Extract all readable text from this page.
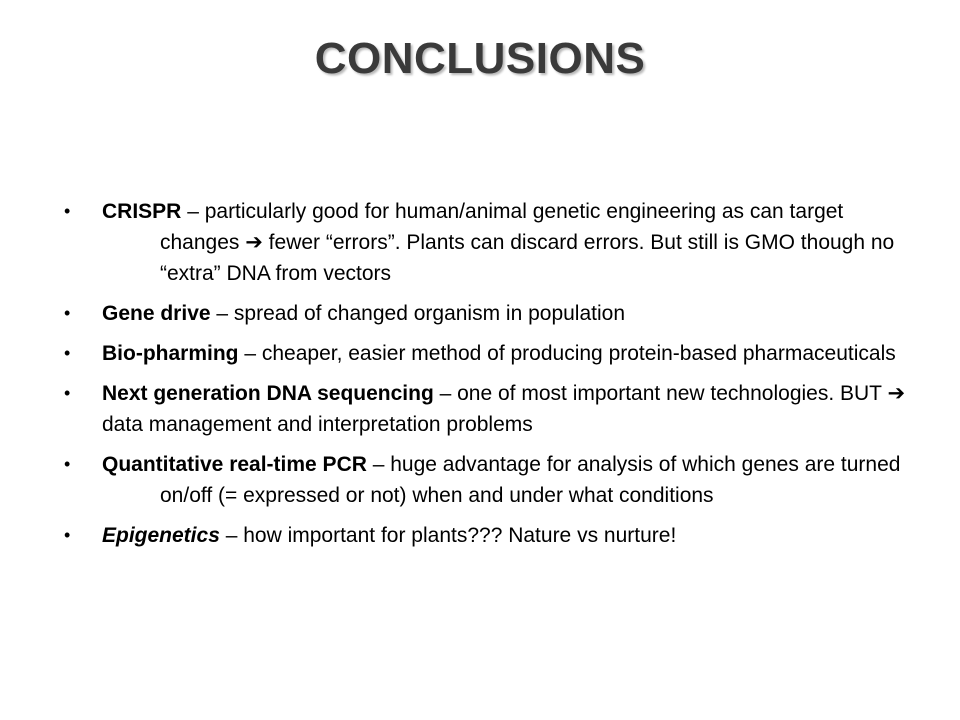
CONCLUSIONS
•	CRISPR – particularly good for human/animal genetic engineering as can target changes ➔ fewer “errors”. Plants can discard errors. But still is GMO though no “extra” DNA from vectors
•	Gene drive – spread of changed organism in population
•	Bio-pharming – cheaper, easier method of producing protein-based pharmaceuticals
•	Next generation DNA sequencing – one of most important new technologies. BUT ➔ data management and interpretation problems
•	Quantitative real-time PCR – huge advantage for analysis of which genes are turned on/off (= expressed or not) when and under what conditions
•	Epigenetics – how important for plants??? Nature vs nurture!
